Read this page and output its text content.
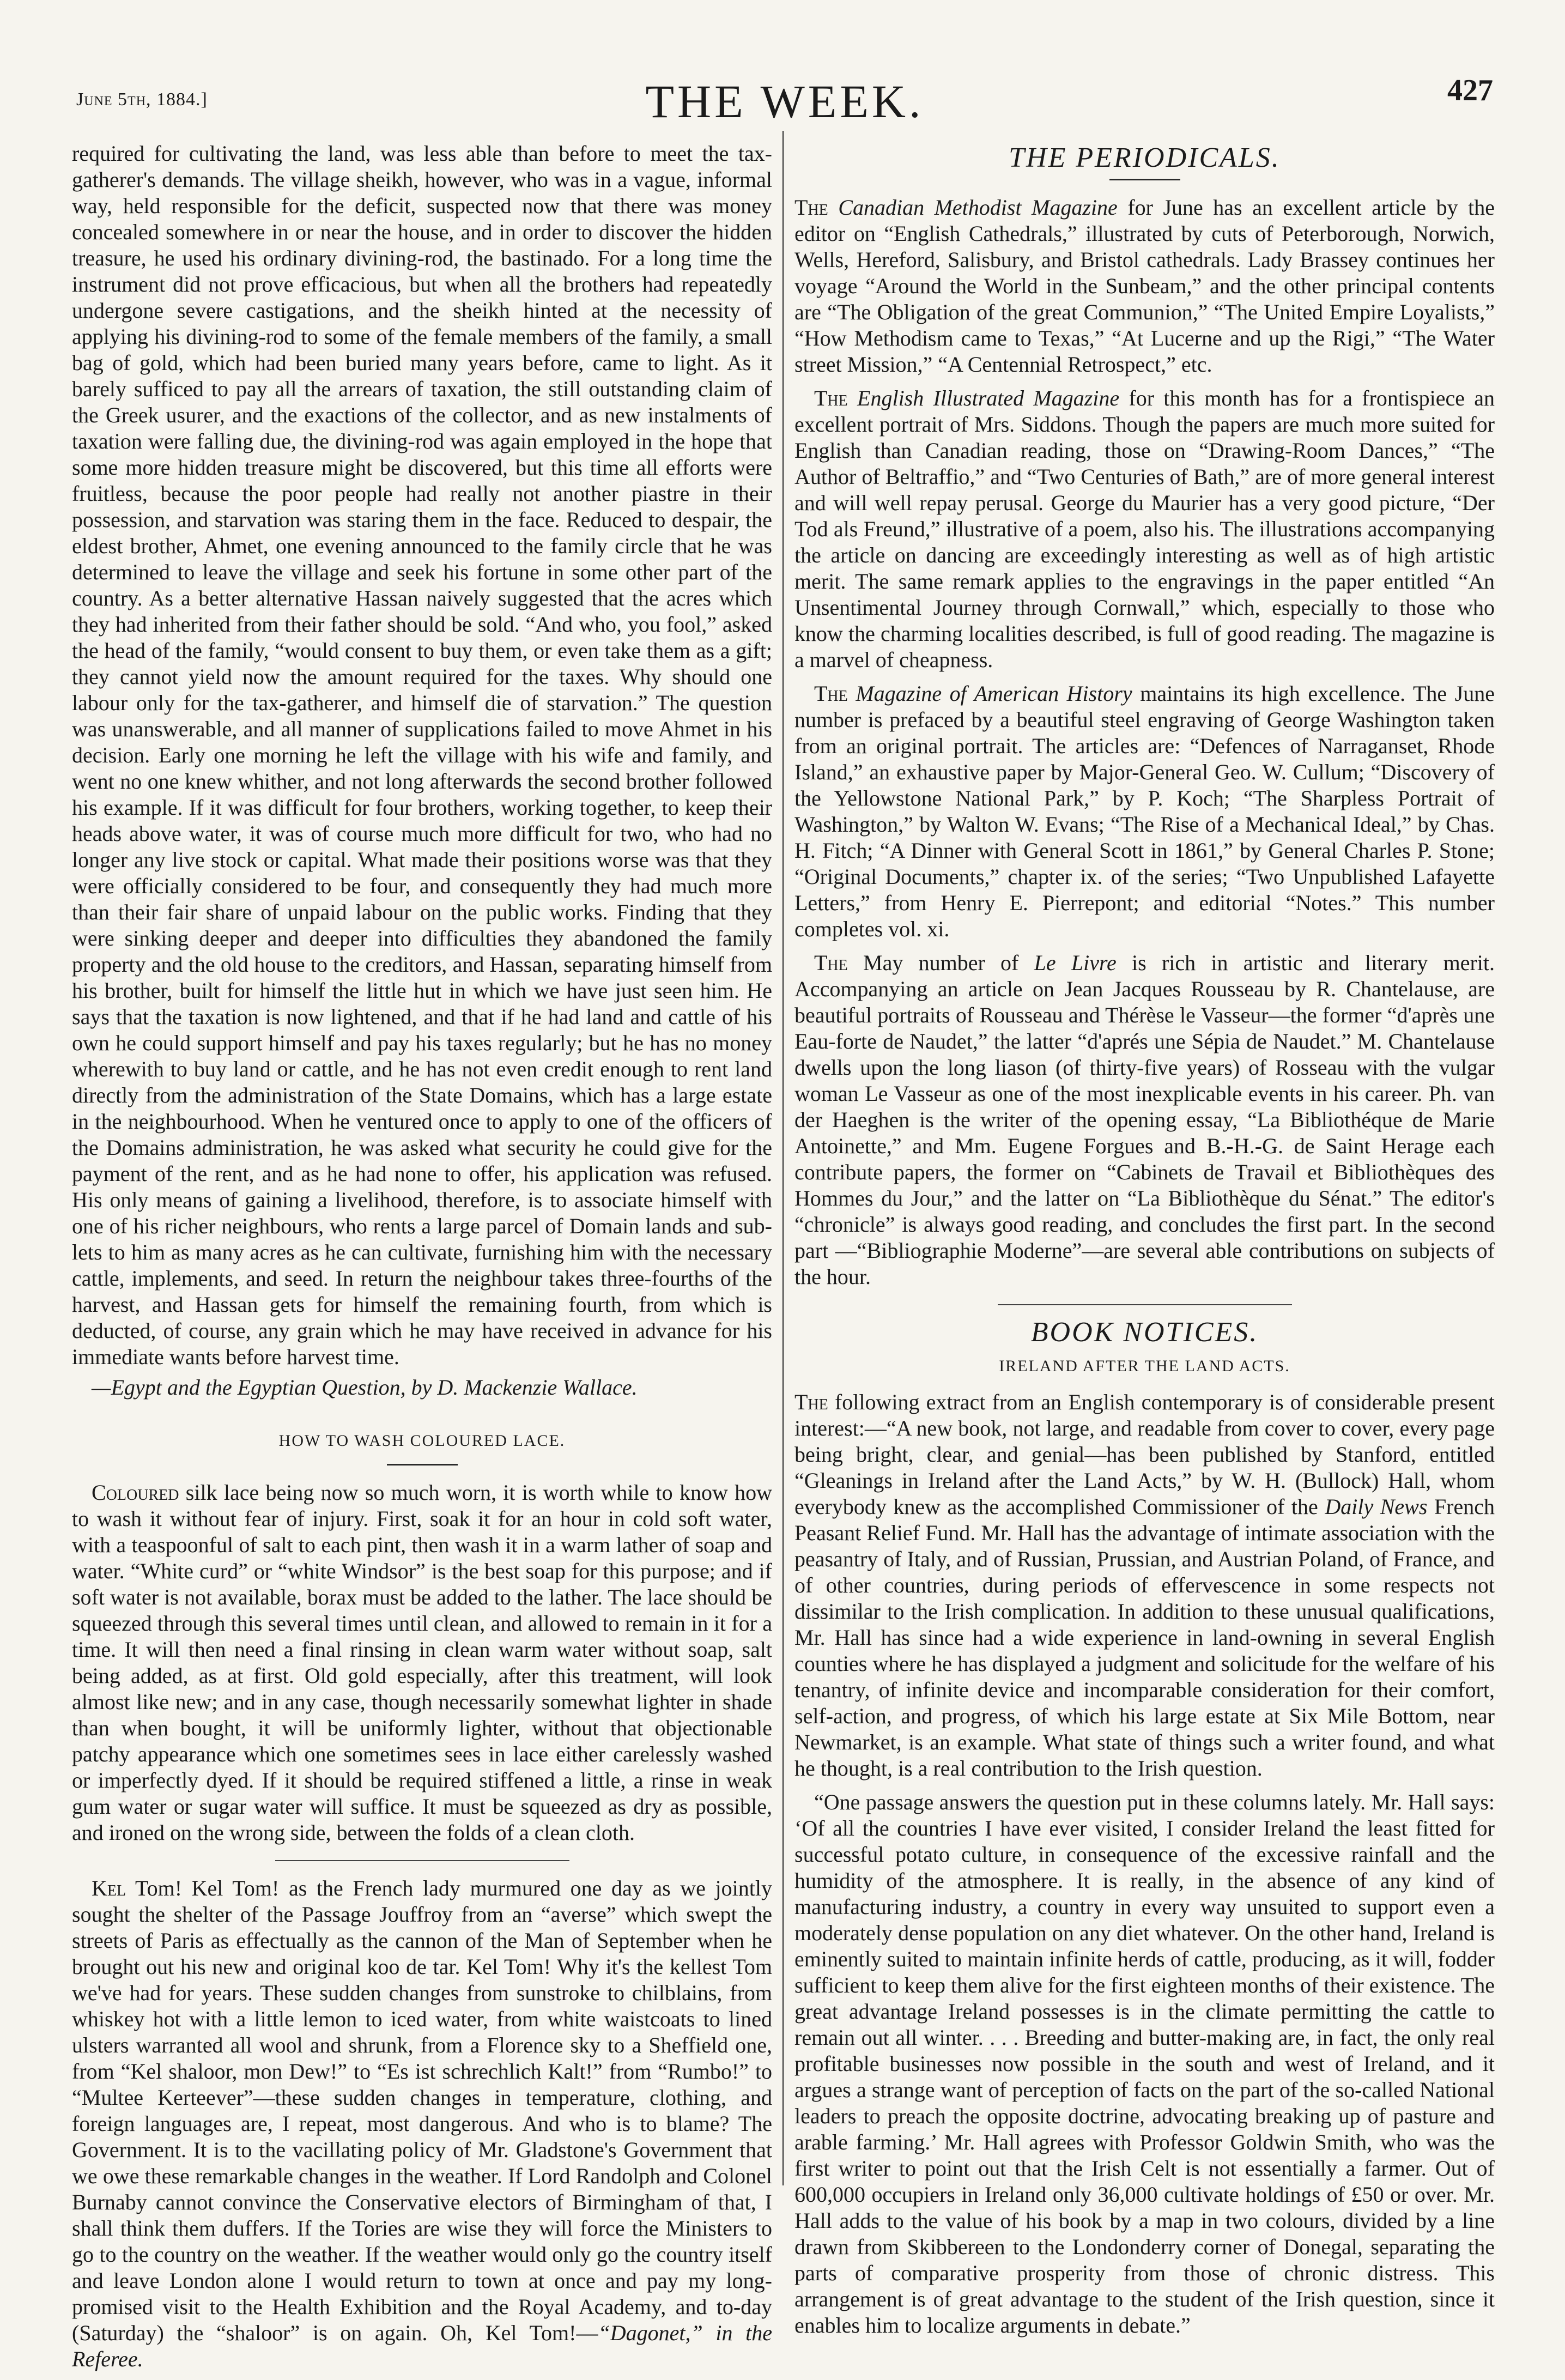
June 5th, 1884.]	THE WEEK.	427

required for cultivating the land, was less able than before to meet the tax-gatherer's demands. The village sheikh, however, who was in a vague, informal way, held responsible for the deficit, suspected now that there was money concealed somewhere in or near the house, and in order to discover the hidden treasure, he used his ordinary divining-rod, the bastinado. For a long time the instrument did not prove efficacious, but when all the brothers had repeatedly undergone severe castigations, and the sheikh hinted at the necessity of applying his divining-rod to some of the female members of the family, a small bag of gold, which had been buried many years before, came to light. As it barely sufficed to pay all the arrears of taxation, the still outstanding claim of the Greek usurer, and the exactions of the collector, and as new instalments of taxation were falling due, the divining-rod was again employed in the hope that some more hidden treasure might be discovered, but this time all efforts were fruitless, because the poor people had really not another piastre in their possession, and starvation was staring them in the face. Reduced to despair, the eldest brother, Ahmet, one evening announced to the family circle that he was determined to leave the village and seek his fortune in some other part of the country. As a better alternative Hassan naively suggested that the acres which they had inherited from their father should be sold. “And who, you fool,” asked the head of the family, “would consent to buy them, or even take them as a gift; they cannot yield now the amount required for the taxes. Why should one labour only for the tax-gatherer, and himself die of starvation.” The question was unanswerable, and all manner of supplications failed to move Ahmet in his decision. Early one morning he left the village with his wife and family, and went no one knew whither, and not long afterwards the second brother followed his example. If it was difficult for four brothers, working together, to keep their heads above water, it was of course much more difficult for two, who had no longer any live stock or capital. What made their positions worse was that they were officially considered to be four, and consequently they had much more than their fair share of unpaid labour on the public works. Finding that they were sinking deeper and deeper into difficulties they abandoned the family property and the old house to the creditors, and Hassan, separating himself from his brother, built for himself the little hut in which we have just seen him. He says that the taxation is now lightened, and that if he had land and cattle of his own he could support himself and pay his taxes regularly; but he has no money wherewith to buy land or cattle, and he has not even credit enough to rent land directly from the administration of the State Domains, which has a large estate in the neighbourhood. When he ventured once to apply to one of the officers of the Domains administration, he was asked what security he could give for the payment of the rent, and as he had none to offer, his application was refused. His only means of gaining a livelihood, therefore, is to associate himself with one of his richer neighbours, who rents a large parcel of Domain lands and sub-lets to him as many acres as he can cultivate, furnishing him with the necessary cattle, implements, and seed. In return the neighbour takes three-fourths of the harvest, and Hassan gets for himself the remaining fourth, from which is deducted, of course, any grain which he may have received in advance for his immediate wants before harvest time.

—Egypt and the Egyptian Question, by D. Mackenzie Wallace.

HOW TO WASH COLOURED LACE.

Coloured silk lace being now so much worn, it is worth while to know how to wash it without fear of injury. First, soak it for an hour in cold soft water, with a teaspoonful of salt to each pint, then wash it in a warm lather of soap and water. “White curd” or “white Windsor” is the best soap for this purpose; and if soft water is not available, borax must be added to the lather. The lace should be squeezed through this several times until clean, and allowed to remain in it for a time. It will then need a final rinsing in clean warm water without soap, salt being added, as at first. Old gold especially, after this treatment, will look almost like new; and in any case, though necessarily somewhat lighter in shade than when bought, it will be uniformly lighter, without that objectionable patchy appearance which one sometimes sees in lace either carelessly washed or imperfectly dyed. If it should be required stiffened a little, a rinse in weak gum water or sugar water will suffice. It must be squeezed as dry as possible, and ironed on the wrong side, between the folds of a clean cloth.

Kel Tom! Kel Tom! as the French lady murmured one day as we jointly sought the shelter of the Passage Jouffroy from an “averse” which swept the streets of Paris as effectually as the cannon of the Man of September when he brought out his new and original koo de tar. Kel Tom! Why it's the kellest Tom we've had for years. These sudden changes from sunstroke to chilblains, from whiskey hot with a little lemon to iced water, from white waistcoats to lined ulsters warranted all wool and shrunk, from a Florence sky to a Sheffield one, from “Kel shaloor, mon Dew!” to “Es ist schrechlich Kalt!” from “Rumbo!” to “Multee Kerteever”—these sudden changes in temperature, clothing, and foreign languages are, I repeat, most dangerous. And who is to blame? The Government. It is to the vacillating policy of Mr. Gladstone's Government that we owe these remarkable changes in the weather. If Lord Randolph and Colonel Burnaby cannot convince the Conservative electors of Birmingham of that, I shall think them duffers. If the Tories are wise they will force the Ministers to go to the country on the weather. If the weather would only go the country itself and leave London alone I would return to town at once and pay my long-promised visit to the Health Exhibition and the Royal Academy, and to-day (Saturday) the “shaloor” is on again. Oh, Kel Tom!—“Dagonet,” in the Referee.

THE PERIODICALS.

The Canadian Methodist Magazine for June has an excellent article by the editor on “English Cathedrals,” illustrated by cuts of Peterborough, Norwich, Wells, Hereford, Salisbury, and Bristol cathedrals. Lady Brassey continues her voyage “Around the World in the Sunbeam,” and the other principal contents are “The Obligation of the great Communion,” “The United Empire Loyalists,” “How Methodism came to Texas,” “At Lucerne and up the Rigi,” “The Water street Mission,” “A Centennial Retrospect,” etc.

The English Illustrated Magazine for this month has for a frontispiece an excellent portrait of Mrs. Siddons. Though the papers are much more suited for English than Canadian reading, those on “Drawing-Room Dances,” “The Author of Beltraffio,” and “Two Centuries of Bath,” are of more general interest and will well repay perusal. George du Maurier has a very good picture, “Der Tod als Freund,” illustrative of a poem, also his. The illustrations accompanying the article on dancing are exceedingly interesting as well as of high artistic merit. The same remark applies to the engravings in the paper entitled “An Unsentimental Journey through Cornwall,” which, especially to those who know the charming localities described, is full of good reading. The magazine is a marvel of cheapness.

The Magazine of American History maintains its high excellence. The June number is prefaced by a beautiful steel engraving of George Washington taken from an original portrait. The articles are: “Defences of Narraganset, Rhode Island,” an exhaustive paper by Major-General Geo. W. Cullum; “Discovery of the Yellowstone National Park,” by P. Koch; “The Sharpless Portrait of Washington,” by Walton W. Evans; “The Rise of a Mechanical Ideal,” by Chas. H. Fitch; “A Dinner with General Scott in 1861,” by General Charles P. Stone; “Original Documents,” chapter ix. of the series; “Two Unpublished Lafayette Letters,” from Henry E. Pierrepont; and editorial “Notes.” This number completes vol. xi.

The May number of Le Livre is rich in artistic and literary merit. Accompanying an article on Jean Jacques Rousseau by R. Chantelause, are beautiful portraits of Rousseau and Thérèse le Vasseur—the former “d'après une Eau-forte de Naudet,” the latter “d'aprés une Sépia de Naudet.” M. Chantelause dwells upon the long liason (of thirty-five years) of Rosseau with the vulgar woman Le Vasseur as one of the most inexplicable events in his career. Ph. van der Haeghen is the writer of the opening essay, “La Bibliothéque de Marie Antoinette,” and Mm. Eugene Forgues and B.-H.-G. de Saint Herage each contribute papers, the former on “Cabinets de Travail et Bibliothèques des Hommes du Jour,” and the latter on “La Bibliothèque du Sénat.” The editor's “chronicle” is always good reading, and concludes the first part. In the second part —“Bibliographie Moderne”—are several able contributions on subjects of the hour.

BOOK NOTICES.
IRELAND AFTER THE LAND ACTS.

The following extract from an English contemporary is of considerable present interest:—“A new book, not large, and readable from cover to cover, every page being bright, clear, and genial—has been published by Stanford, entitled “Gleanings in Ireland after the Land Acts,” by W. H. (Bullock) Hall, whom everybody knew as the accomplished Commissioner of the Daily News French Peasant Relief Fund. Mr. Hall has the advantage of intimate association with the peasantry of Italy, and of Russian, Prussian, and Austrian Poland, of France, and of other countries, during periods of effervescence in some respects not dissimilar to the Irish complication. In addition to these unusual qualifications, Mr. Hall has since had a wide experience in land-owning in several English counties where he has displayed a judgment and solicitude for the welfare of his tenantry, of infinite device and incomparable consideration for their comfort, self-action, and progress, of which his large estate at Six Mile Bottom, near Newmarket, is an example. What state of things such a writer found, and what he thought, is a real contribution to the Irish question.

“One passage answers the question put in these columns lately. Mr. Hall says: ‘Of all the countries I have ever visited, I consider Ireland the least fitted for successful potato culture, in consequence of the excessive rainfall and the humidity of the atmosphere. It is really, in the absence of any kind of manufacturing industry, a country in every way unsuited to support even a moderately dense population on any diet whatever. On the other hand, Ireland is eminently suited to maintain infinite herds of cattle, producing, as it will, fodder sufficient to keep them alive for the first eighteen months of their existence. The great advantage Ireland possesses is in the climate permitting the cattle to remain out all winter. . . . Breeding and butter-making are, in fact, the only real profitable businesses now possible in the south and west of Ireland, and it argues a strange want of perception of facts on the part of the so-called National leaders to preach the opposite doctrine, advocating breaking up of pasture and arable farming.’ Mr. Hall agrees with Professor Goldwin Smith, who was the first writer to point out that the Irish Celt is not essentially a farmer. Out of 600,000 occupiers in Ireland only 36,000 cultivate holdings of £50 or over. Mr. Hall adds to the value of his book by a map in two colours, divided by a line drawn from Skibbereen to the Londonderry corner of Donegal, separating the parts of comparative prosperity from those of chronic distress. This arrangement is of great advantage to the student of the Irish question, since it enables him to localize arguments in debate.”
